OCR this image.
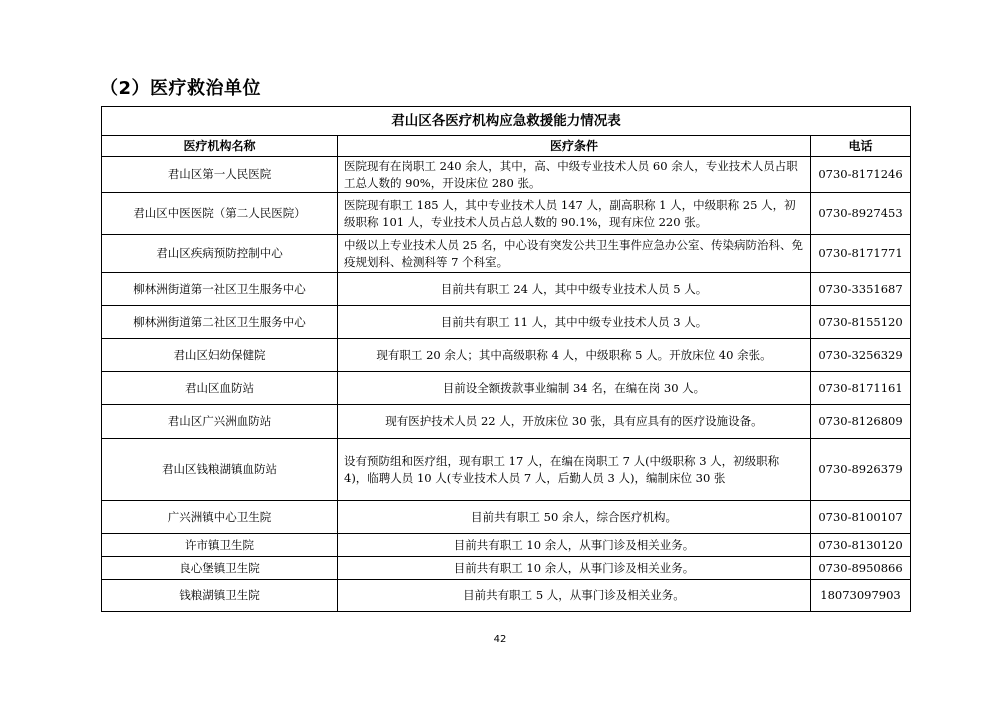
（2）医疗救治单位
君山区各医疗机构应急救援能力情况表		
医疗机构名称	医疗条件	电话
君山区第一人民医院	医院现有在岗职工 240 余人，其中，高、中级专业技术人员 60 余人，专业技术人员占职工总人数的 90%，开设床位 280 张。	0730-8171246
君山区中医医院（第二人民医院）	医院现有职工 185 人，其中专业技术人员 147 人，副高职称 1 人，中级职称 25 人，初级职称 101 人，专业技术人员占总人数的 90.1%，现有床位 220 张。	0730-8927453
君山区疾病预防控制中心	中级以上专业技术人员 25 名，中心设有突发公共卫生事件应急办公室、传染病防治科、免疫规划科、检测科等 7 个科室。	0730-8171771
柳林洲街道第一社区卫生服务中心	目前共有职工 24 人，其中中级专业技术人员 5 人。	0730-3351687
柳林洲街道第二社区卫生服务中心	目前共有职工 11 人，其中中级专业技术人员 3 人。	0730-8155120
君山区妇幼保健院	现有职工 20 余人；其中高级职称 4 人，中级职称 5 人。开放床位 40 余张。	0730-3256329
君山区血防站	目前设全额拨款事业编制 34 名，在编在岗 30 人。	0730-8171161
君山区广兴洲血防站	现有医护技术人员 22 人，开放床位 30 张，具有应具有的医疗设施设备。	0730-8126809
君山区钱粮湖镇血防站	设有预防组和医疗组，现有职工 17 人，在编在岗职工 7 人(中级职称 3 人，初级职称 4)，临聘人员 10 人(专业技术人员 7 人，后勤人员 3 人)，编制床位 30 张	0730-8926379
广兴洲镇中心卫生院	目前共有职工 50 余人，综合医疗机构。	0730-8100107
许市镇卫生院	目前共有职工 10 余人，从事门诊及相关业务。	0730-8130120
良心堡镇卫生院	目前共有职工 10 余人，从事门诊及相关业务。	0730-8950866
钱粮湖镇卫生院	目前共有职工 5 人，从事门诊及相关业务。	18073097903
42
